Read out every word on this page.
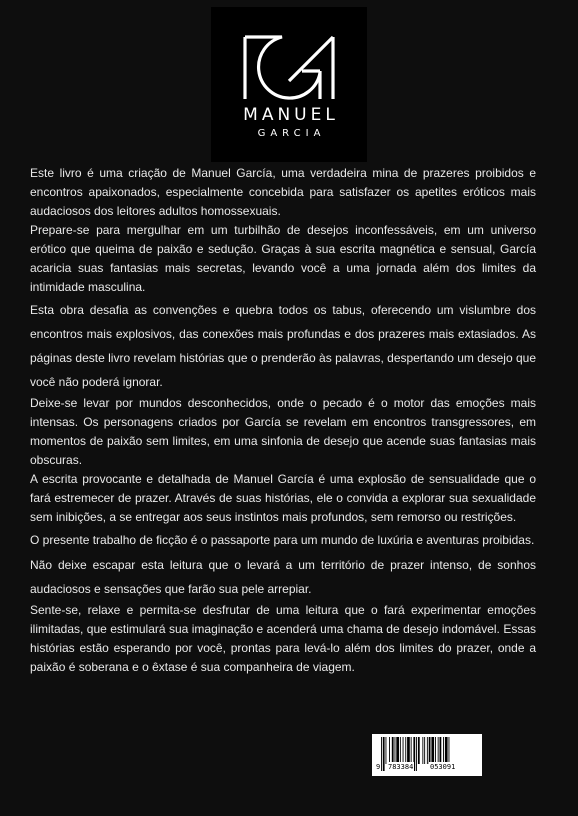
MANUEL
GARCIA

Este livro é uma criação de Manuel García, uma verdadeira mina de prazeres proibidos e encontros apaixonados, especialmente concebida para satisfazer os apetites eróticos mais audaciosos dos leitores adultos homossexuais.

Prepare-se para mergulhar em um turbilhão de desejos inconfessáveis, em um universo erótico que queima de paixão e sedução. Graças à sua escrita magnética e sensual, García acaricia suas fantasias mais secretas, levando você a uma jornada além dos limites da intimidade masculina.

Esta obra desafia as convenções e quebra todos os tabus, oferecendo um vislumbre dos encontros mais explosivos, das conexões mais profundas e dos prazeres mais extasiados. As páginas deste livro revelam histórias que o prenderão às palavras, despertando um desejo que você não poderá ignorar.

Deixe-se levar por mundos desconhecidos, onde o pecado é o motor das emoções mais intensas. Os personagens criados por García se revelam em encontros transgressores, em momentos de paixão sem limites, em uma sinfonia de desejo que acende suas fantasias mais obscuras.

A escrita provocante e detalhada de Manuel García é uma explosão de sensualidade que o fará estremecer de prazer. Através de suas histórias, ele o convida a explorar sua sexualidade sem inibições, a se entregar aos seus instintos mais profundos, sem remorso ou restrições.

O presente trabalho de ficção é o passaporte para um mundo de luxúria e aventuras proibidas.

Não deixe escapar esta leitura que o levará a um território de prazer intenso, de sonhos audaciosos e sensações que farão sua pele arrepiar.

Sente-se, relaxe e permita-se desfrutar de uma leitura que o fará experimentar emoções ilimitadas, que estimulará sua imaginação e acenderá uma chama de desejo indomável. Essas histórias estão esperando por você, prontas para levá-lo além dos limites do prazer, onde a paixão é soberana e o êxtase é sua companheira de viagem.

9 783384 053091
